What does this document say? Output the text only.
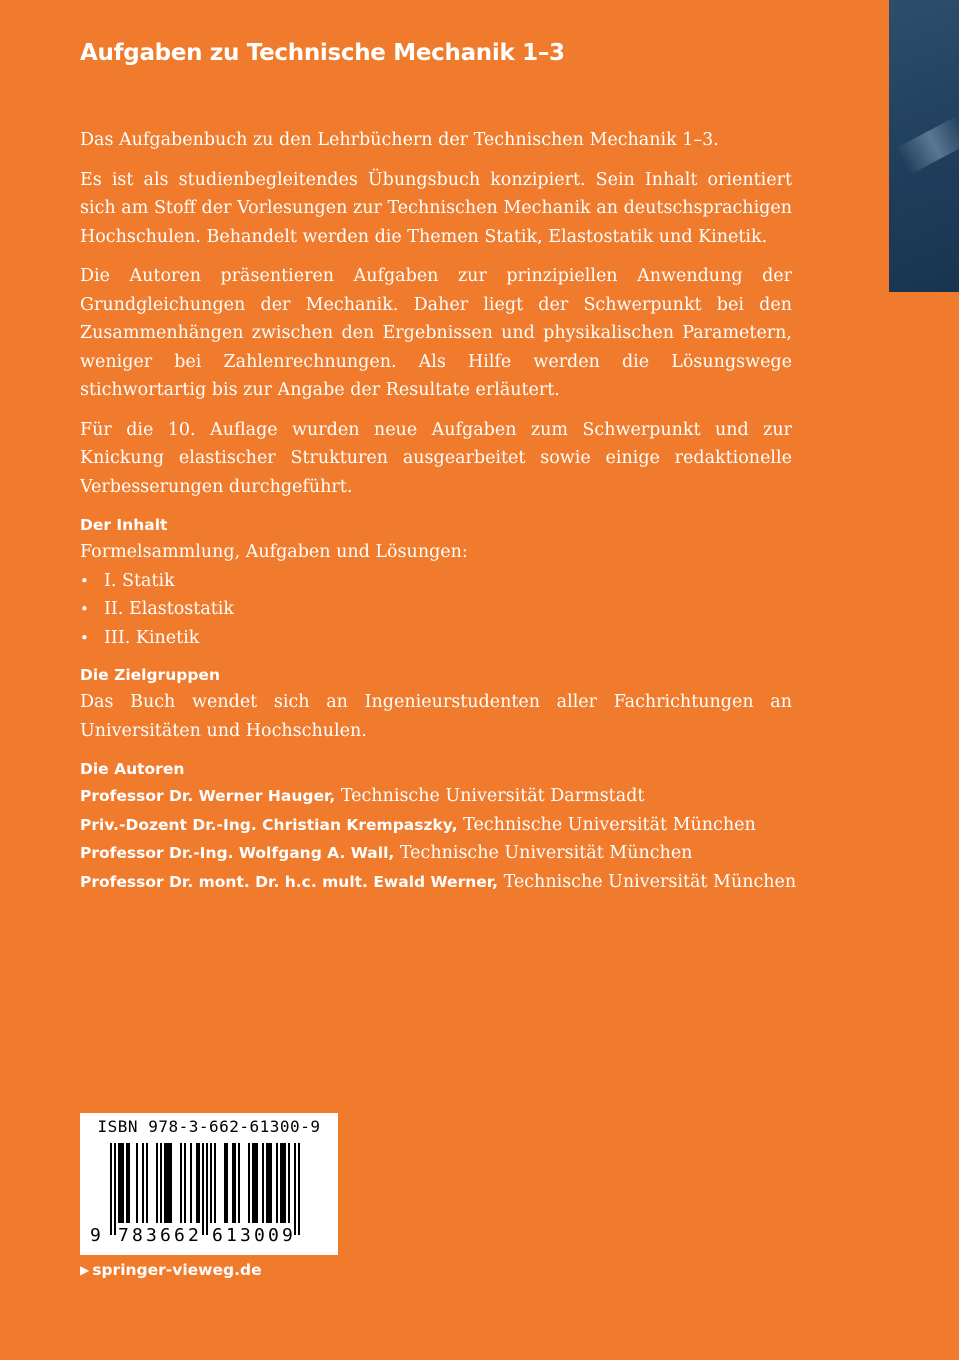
Aufgaben zu Technische Mechanik 1–3

Das Aufgabenbuch zu den Lehrbüchern der Technischen Mechanik 1–3.

Es ist als studienbegleitendes Übungsbuch konzipiert. Sein Inhalt orientiert sich am Stoff der Vorlesungen zur Technischen Mechanik an deutschsprachigen Hochschulen. Behandelt werden die Themen Statik, Elastostatik und Kinetik.

Die Autoren präsentieren Aufgaben zur prinzipiellen Anwendung der Grundgleichungen der Mechanik. Daher liegt der Schwerpunkt bei den Zusammenhängen zwischen den Ergebnissen und physikalischen Parametern, weniger bei Zahlenrechnungen. Als Hilfe werden die Lösungswege stichwortartig bis zur Angabe der Resultate erläutert.

Für die 10. Auflage wurden neue Aufgaben zum Schwerpunkt und zur Knickung elastischer Strukturen ausgearbeitet sowie einige redaktionelle Verbesserungen durchgeführt.

Der Inhalt
Formelsammlung, Aufgaben und Lösungen:
• I. Statik
• II. Elastostatik
• III. Kinetik
Die Zielgruppen

Das Buch wendet sich an Ingenieurstudenten aller Fachrichtungen an Universitäten und Hochschulen.

Die Autoren
Professor Dr. Werner Hauger, Technische Universität Darmstadt
Priv.-Dozent Dr.-Ing. Christian Krempaszky, Technische Universität München
Professor Dr.-Ing. Wolfgang A. Wall, Technische Universität München
Professor Dr. mont. Dr. h.c. mult. Ewald Werner, Technische Universität München
ISBN 978-3-662-61300-9
9 7 8 3 6 6 2 6 1 3 0 0 9
▶ springer-vieweg.de
